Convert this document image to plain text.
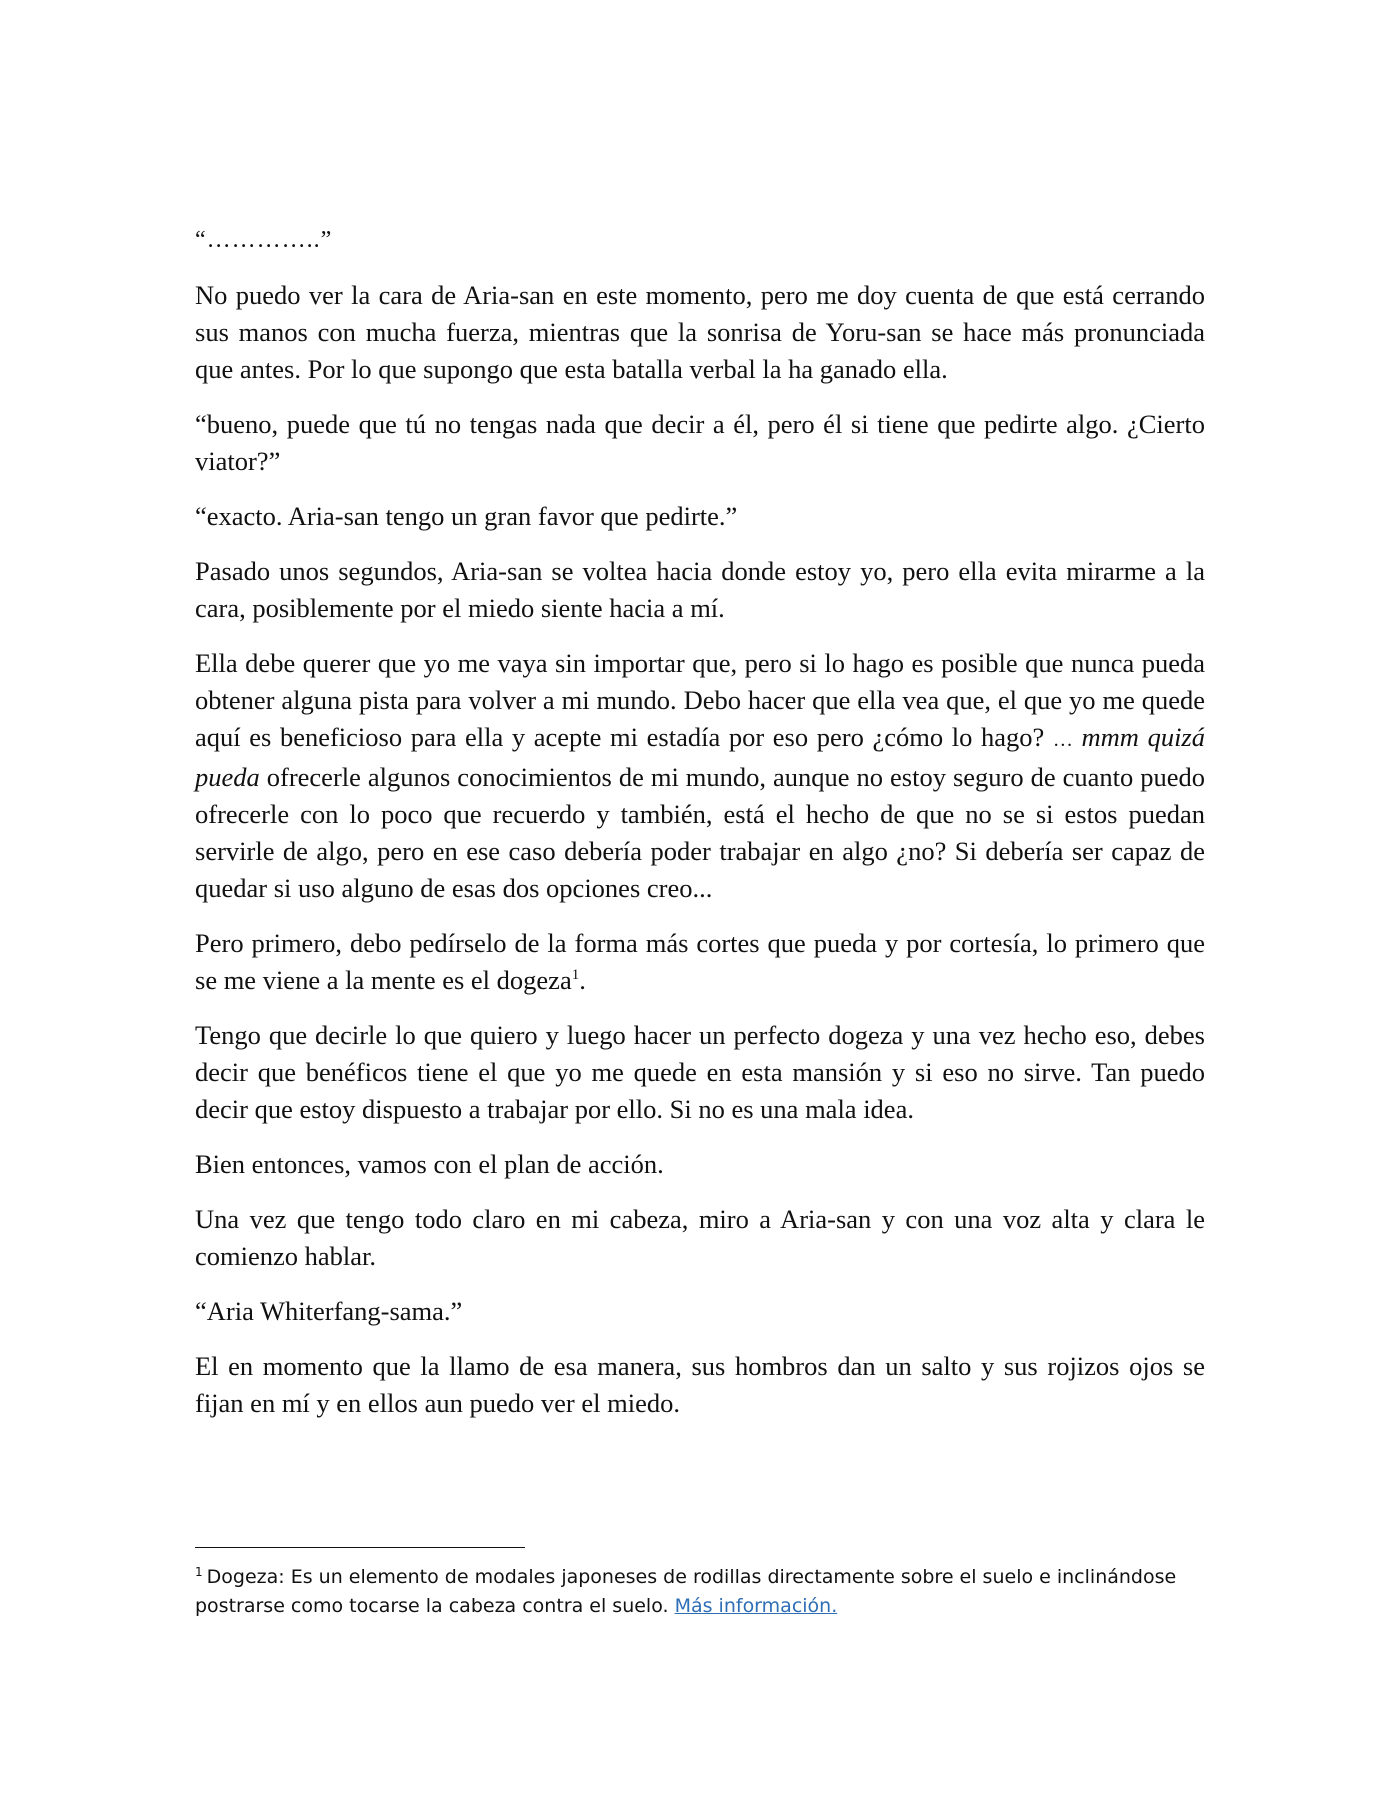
“…………..”

No puedo ver la cara de Aria-san en este momento, pero me doy cuenta de que está cerrando sus manos con mucha fuerza, mientras que la sonrisa de Yoru-san se hace más pronunciada que antes. Por lo que supongo que esta batalla verbal la ha ganado ella.

“bueno, puede que tú no tengas nada que decir a él, pero él si tiene que pedirte algo. ¿Cierto viator?”

“exacto. Aria-san tengo un gran favor que pedirte.”

Pasado unos segundos, Aria-san se voltea hacia donde estoy yo, pero ella evita mirarme a la cara, posiblemente por el miedo siente hacia a mí.

Ella debe querer que yo me vaya sin importar que, pero si lo hago es posible que nunca pueda obtener alguna pista para volver a mi mundo. Debo hacer que ella vea que, el que yo me quede aquí es beneficioso para ella y acepte mi estadía por eso pero ¿cómo lo hago? … mmm quizá pueda ofrecerle algunos conocimientos de mi mundo, aunque no estoy seguro de cuanto puedo ofrecerle con lo poco que recuerdo y también, está el hecho de que no se si estos puedan servirle de algo, pero en ese caso debería poder trabajar en algo ¿no? Si debería ser capaz de quedar si uso alguno de esas dos opciones creo...

Pero primero, debo pedírselo de la forma más cortes que pueda y por cortesía, lo primero que se me viene a la mente es el dogeza$^1$.

Tengo que decirle lo que quiero y luego hacer un perfecto dogeza y una vez hecho eso, debes decir que benéficos tiene el que yo me quede en esta mansión y si eso no sirve. Tan puedo decir que estoy dispuesto a trabajar por ello. Si no es una mala idea.

Bien entonces, vamos con el plan de acción.

Una vez que tengo todo claro en mi cabeza, miro a Aria-san y con una voz alta y clara le comienzo hablar.

“Aria Whiterfang-sama.”

El en momento que la llamo de esa manera, sus hombros dan un salto y sus rojizos ojos se fijan en mí y en ellos aun puedo ver el miedo.

$^1$ Dogeza: Es un elemento de modales japoneses de rodillas directamente sobre el suelo e inclinándose postrarse como tocarse la cabeza contra el suelo. Más información.
